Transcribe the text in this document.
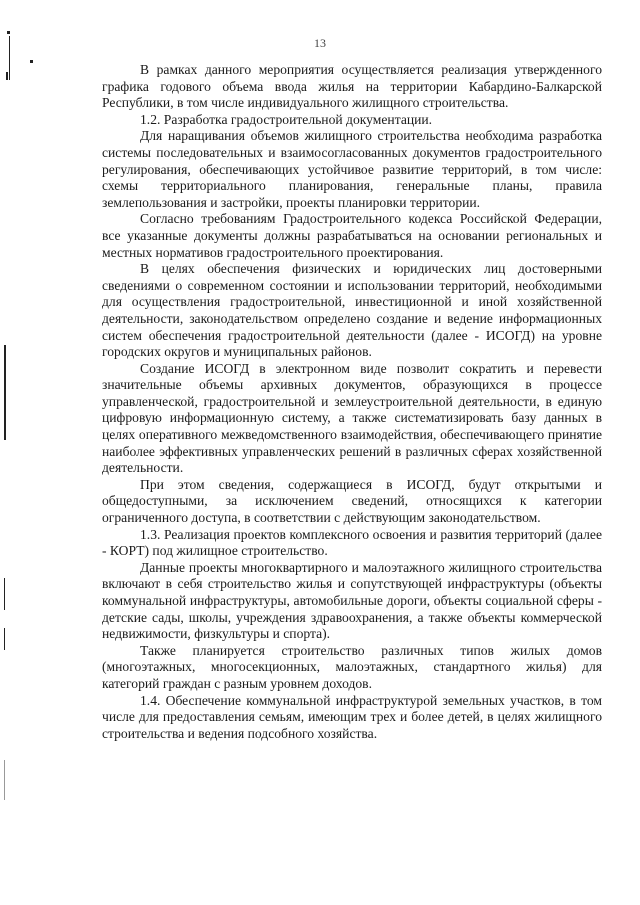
13

В рамках данного мероприятия осуществляется реализация утвержденного графика годового объема ввода жилья на территории Кабардино-Балкарской Республики, в том числе индивидуального жилищного строительства.

1.2. Разработка градостроительной документации.

Для наращивания объемов жилищного строительства необходима разработка системы последовательных и взаимосогласованных документов градостроительного регулирования, обеспечивающих устойчивое развитие территорий, в том числе: схемы территориального планирования, генеральные планы, правила землепользования и застройки, проекты планировки территории.

Согласно требованиям Градостроительного кодекса Российской Федерации, все указанные документы должны разрабатываться на основании региональных и местных нормативов градостроительного проектирования.

В целях обеспечения физических и юридических лиц достоверными сведениями о современном состоянии и использовании территорий, необходимыми для осуществления градостроительной, инвестиционной и иной хозяйственной деятельности, законодательством определено создание и ведение информационных систем обеспечения градостроительной деятельности (далее - ИСОГД) на уровне городских округов и муниципальных районов.

Создание ИСОГД в электронном виде позволит сократить и перевести значительные объемы архивных документов, образующихся в процессе управленческой, градостроительной и землеустроительной деятельности, в единую цифровую информационную систему, а также систематизировать базу данных в целях оперативного межведомственного взаимодействия, обеспечивающего принятие наиболее эффективных управленческих решений в различных сферах хозяйственной деятельности.

При этом сведения, содержащиеся в ИСОГД, будут открытыми и общедоступными, за исключением сведений, относящихся к категории ограниченного доступа, в соответствии с действующим законодательством.

1.3. Реализация проектов комплексного освоения и развития территорий (далее - КОРТ) под жилищное строительство.

Данные проекты многоквартирного и малоэтажного жилищного строительства включают в себя строительство жилья и сопутствующей инфраструктуры (объекты коммунальной инфраструктуры, автомобильные дороги, объекты социальной сферы - детские сады, школы, учреждения здравоохранения, а также объекты коммерческой недвижимости, физкультуры и спорта).

Также планируется строительство различных типов жилых домов (многоэтажных, многосекционных, малоэтажных, стандартного жилья) для категорий граждан с разным уровнем доходов.

1.4. Обеспечение коммунальной инфраструктурой земельных участков, в том числе для предоставления семьям, имеющим трех и более детей, в целях жилищного строительства и ведения подсобного хозяйства.
